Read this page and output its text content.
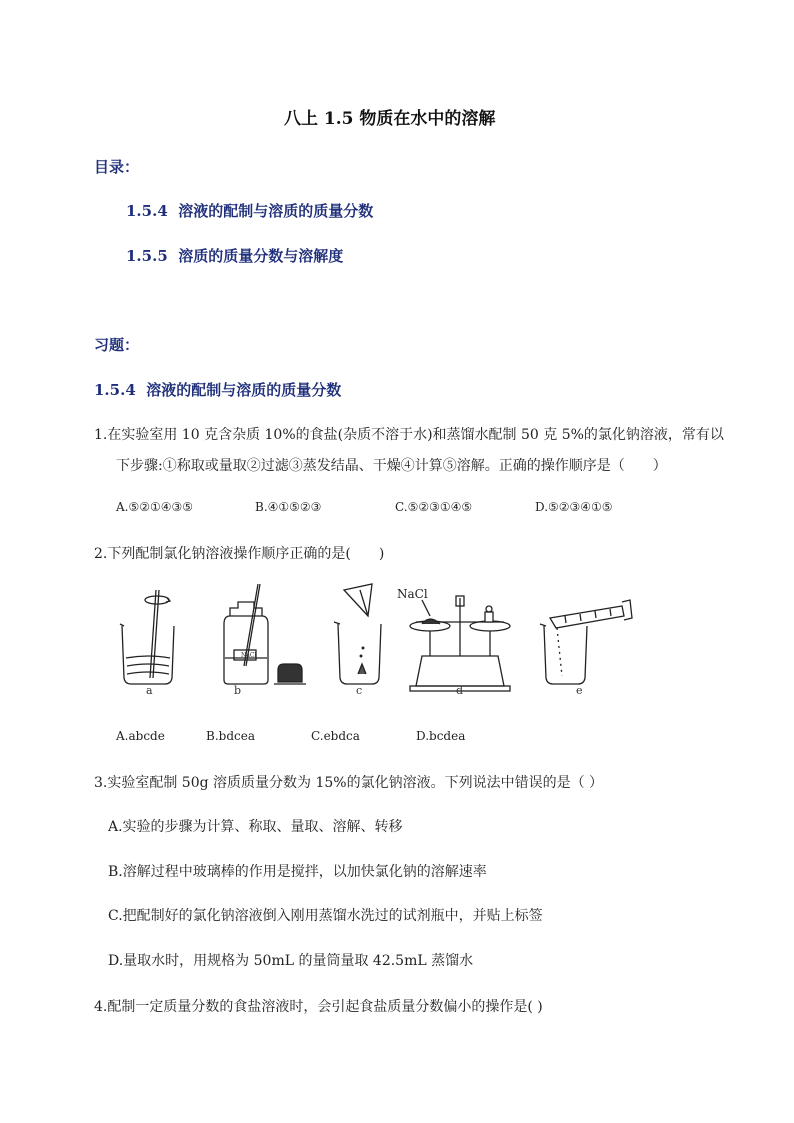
八上 1.5 物质在水中的溶解
目录：
1.5.4 溶液的配制与溶质的质量分数
1.5.5 溶质的质量分数与溶解度
习题：
1.5.4 溶液的配制与溶质的质量分数
1.在实验室用 10 克含杂质 10%的食盐(杂质不溶于水)和蒸馏水配制 50 克 5%的氯化钠溶液，常有以
下步骤:①称取或量取②过滤③蒸发结晶、干燥④计算⑤溶解。正确的操作顺序是（　　）
A.⑤②①④③⑤	B.④①⑤②③	C.⑤②③①④⑤	D.⑤②③④①⑤
2.下列配制氯化钠溶液操作顺序正确的是(　　)
NaCl
NaCl
a	b	c	d	e
A.abcde	B.bdcea	C.ebdca	D.bcdea
3.实验室配制 50g 溶质质量分数为 15%的氯化钠溶液。下列说法中错误的是（ ）
A.实验的步骤为计算、称取、量取、溶解、转移
B.溶解过程中玻璃棒的作用是搅拌，以加快氯化钠的溶解速率
C.把配制好的氯化钠溶液倒入刚用蒸馏水洗过的试剂瓶中，并贴上标签
D.量取水时，用规格为 50mL 的量筒量取 42.5mL 蒸馏水
4.配制一定质量分数的食盐溶液时，会引起食盐质量分数偏小的操作是( )
